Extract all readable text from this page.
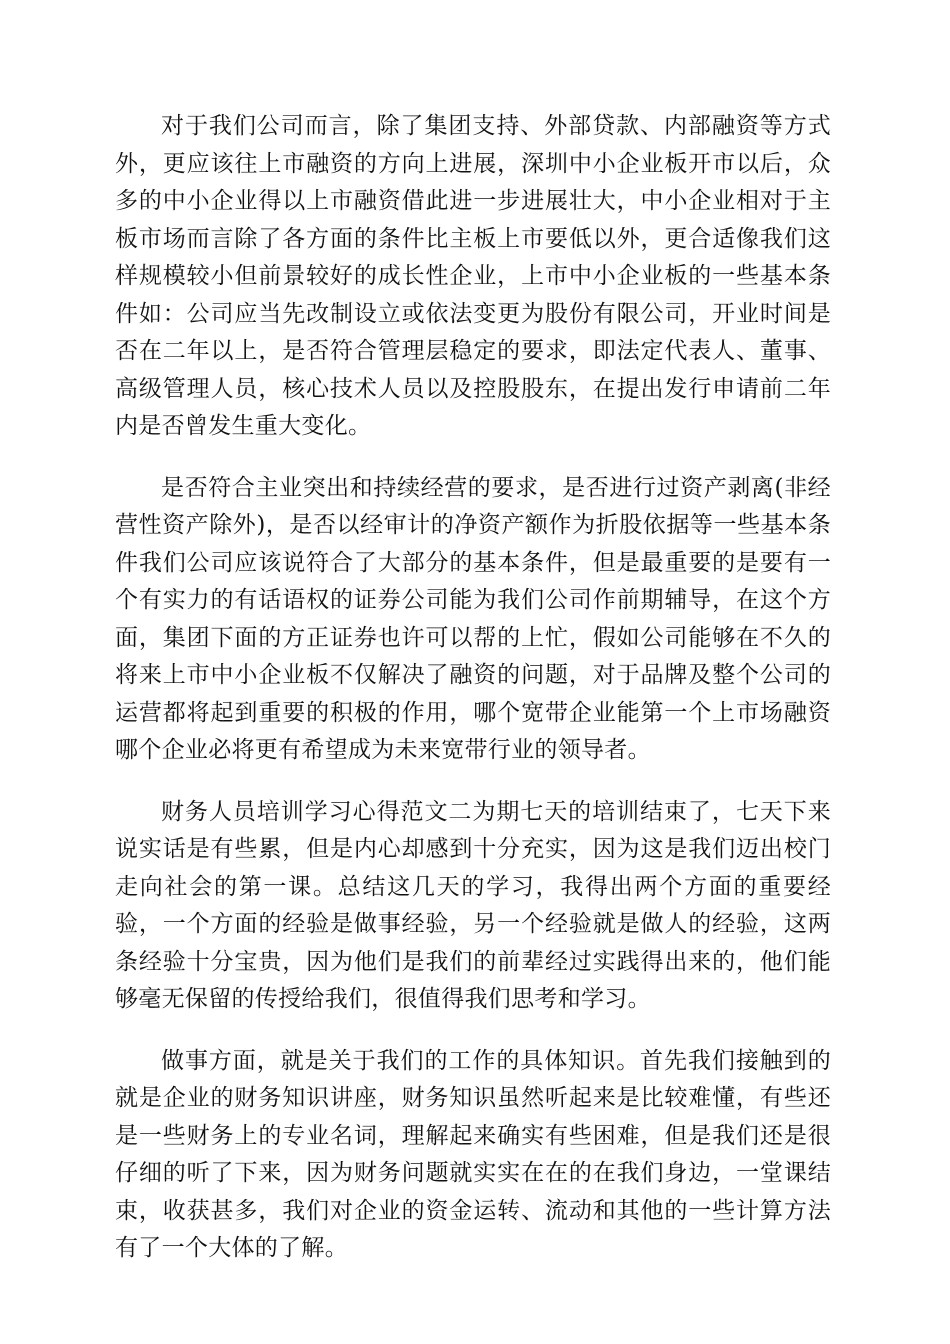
对于我们公司而言，除了集团支持、外部贷款、内部融资等方式外，更应该往上市融资的方向上进展，深圳中小企业板开市以后，众多的中小企业得以上市融资借此进一步进展壮大，中小企业相对于主板市场而言除了各方面的条件比主板上市要低以外，更合适像我们这样规模较小但前景较好的成长性企业，上市中小企业板的一些基本条件如：公司应当先改制设立或依法变更为股份有限公司，开业时间是否在二年以上，是否符合管理层稳定的要求，即法定代表人、董事、高级管理人员，核心技术人员以及控股股东，在提出发行申请前二年内是否曾发生重大变化。

是否符合主业突出和持续经营的要求，是否进行过资产剥离(非经营性资产除外)，是否以经审计的净资产额作为折股依据等一些基本条件我们公司应该说符合了大部分的基本条件，但是最重要的是要有一个有实力的有话语权的证券公司能为我们公司作前期辅导，在这个方面，集团下面的方正证券也许可以帮的上忙，假如公司能够在不久的将来上市中小企业板不仅解决了融资的问题，对于品牌及整个公司的运营都将起到重要的积极的作用，哪个宽带企业能第一个上市场融资哪个企业必将更有希望成为未来宽带行业的领导者。

财务人员培训学习心得范文二为期七天的培训结束了，七天下来说实话是有些累，但是内心却感到十分充实，因为这是我们迈出校门走向社会的第一课。总结这几天的学习，我得出两个方面的重要经验，一个方面的经验是做事经验，另一个经验就是做人的经验，这两条经验十分宝贵，因为他们是我们的前辈经过实践得出来的，他们能够毫无保留的传授给我们，很值得我们思考和学习。

做事方面，就是关于我们的工作的具体知识。首先我们接触到的就是企业的财务知识讲座，财务知识虽然听起来是比较难懂，有些还是一些财务上的专业名词，理解起来确实有些困难，但是我们还是很仔细的听了下来，因为财务问题就实实在在的在我们身边，一堂课结束，收获甚多，我们对企业的资金运转、流动和其他的一些计算方法有了一个大体的了解。
